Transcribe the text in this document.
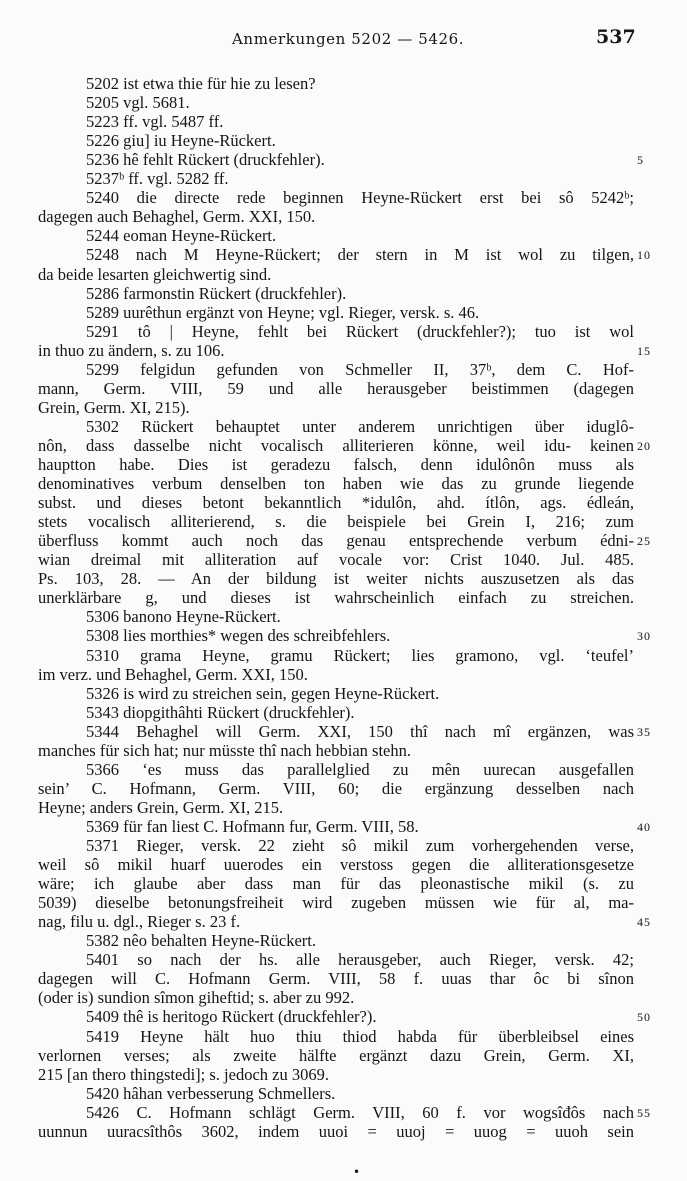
Anmerkungen 5202 — 5426.	537
5202 ist etwa thie für hie zu lesen?
5205 vgl. 5681.
5223 ff. vgl. 5487 ff.
5226 giu] iu Heyne-Rückert.
5236 hê fehlt Rückert (druckfehler).
5237ᵇ ff. vgl. 5282 ff.
5240 die directe rede beginnen Heyne-Rückert erst bei sô 5242ᵇ;
dagegen auch Behaghel, Germ. XXI, 150.
5244 eoman Heyne-Rückert.
5248 nach M Heyne-Rückert; der stern in M ist wol zu tilgen,
da beide lesarten gleichwertig sind.
5286 farmonstin Rückert (druckfehler).
5289 uurêthun ergänzt von Heyne; vgl. Rieger, versk. s. 46.
5291 tô | Heyne, fehlt bei Rückert (druckfehler?); tuo ist wol
in thuo zu ändern, s. zu 106.
5299 felgidun gefunden von Schmeller II, 37ᵇ, dem C. Hof-
mann, Germ. VIII, 59 und alle herausgeber beistimmen (dagegen
Grein, Germ. XI, 215).
5302 Rückert behauptet unter anderem unrichtigen über iduglô-
nôn, dass dasselbe nicht vocalisch alliterieren könne, weil idu- keinen
hauptton habe. Dies ist geradezu falsch, denn idulônôn muss als
denominatives verbum denselben ton haben wie das zu grunde liegende
subst. und dieses betont bekanntlich *idulôn, ahd. ítlôn, ags. édleán,
stets vocalisch alliterierend, s. die beispiele bei Grein I, 216; zum
überfluss kommt auch noch das genau entsprechende verbum édni-
wian dreimal mit alliteration auf vocale vor: Crist 1040. Jul. 485.
Ps. 103, 28. — An der bildung ist weiter nichts auszusetzen als das
unerklärbare g, und dieses ist wahrscheinlich einfach zu streichen.
5306 banono Heyne-Rückert.
5308 lies morthies* wegen des schreibfehlers.
5310 grama Heyne, gramu Rückert; lies gramono, vgl. ‘teufel’
im verz. und Behaghel, Germ. XXI, 150.
5326 is wird zu streichen sein, gegen Heyne-Rückert.
5343 diopgithâhti Rückert (druckfehler).
5344 Behaghel will Germ. XXI, 150 thî nach mî ergänzen, was
manches für sich hat; nur müsste thî nach hebbian stehn.
5366 ‘es muss das parallelglied zu mên uurecan ausgefallen
sein’ C. Hofmann, Germ. VIII, 60; die ergänzung desselben nach
Heyne; anders Grein, Germ. XI, 215.
5369 für fan liest C. Hofmann fur, Germ. VIII, 58.
5371 Rieger, versk. 22 zieht sô mikil zum vorhergehenden verse,
weil sô mikil huarf uuerodes ein verstoss gegen die alliterationsgesetze
wäre; ich glaube aber dass man für das pleonastische mikil (s. zu
5039) dieselbe betonungsfreiheit wird zugeben müssen wie für al, ma-
nag, filu u. dgl., Rieger s. 23 f.
5382 nêo behalten Heyne-Rückert.
5401 so nach der hs. alle herausgeber, auch Rieger, versk. 42;
dagegen will C. Hofmann Germ. VIII, 58 f. uuas thar ôc bi sînon
(oder is) sundion sîmon giheftid; s. aber zu 992.
5409 thê is heritogo Rückert (druckfehler?).
5419 Heyne hält huo thiu thiod habda für überbleibsel eines
verlornen verses; als zweite hälfte ergänzt dazu Grein, Germ. XI,
215 [an thero thingstedi]; s. jedoch zu 3069.
5420 hâhan verbesserung Schmellers.
5426 C. Hofmann schlägt Germ. VIII, 60 f. vor wogsîđôs nach
uunnun uuracsîthôs 3602, indem uuoi = uuoj = uuog = uuoh sein
5
10
15
20
25
30
35
40
45
50
55
•
